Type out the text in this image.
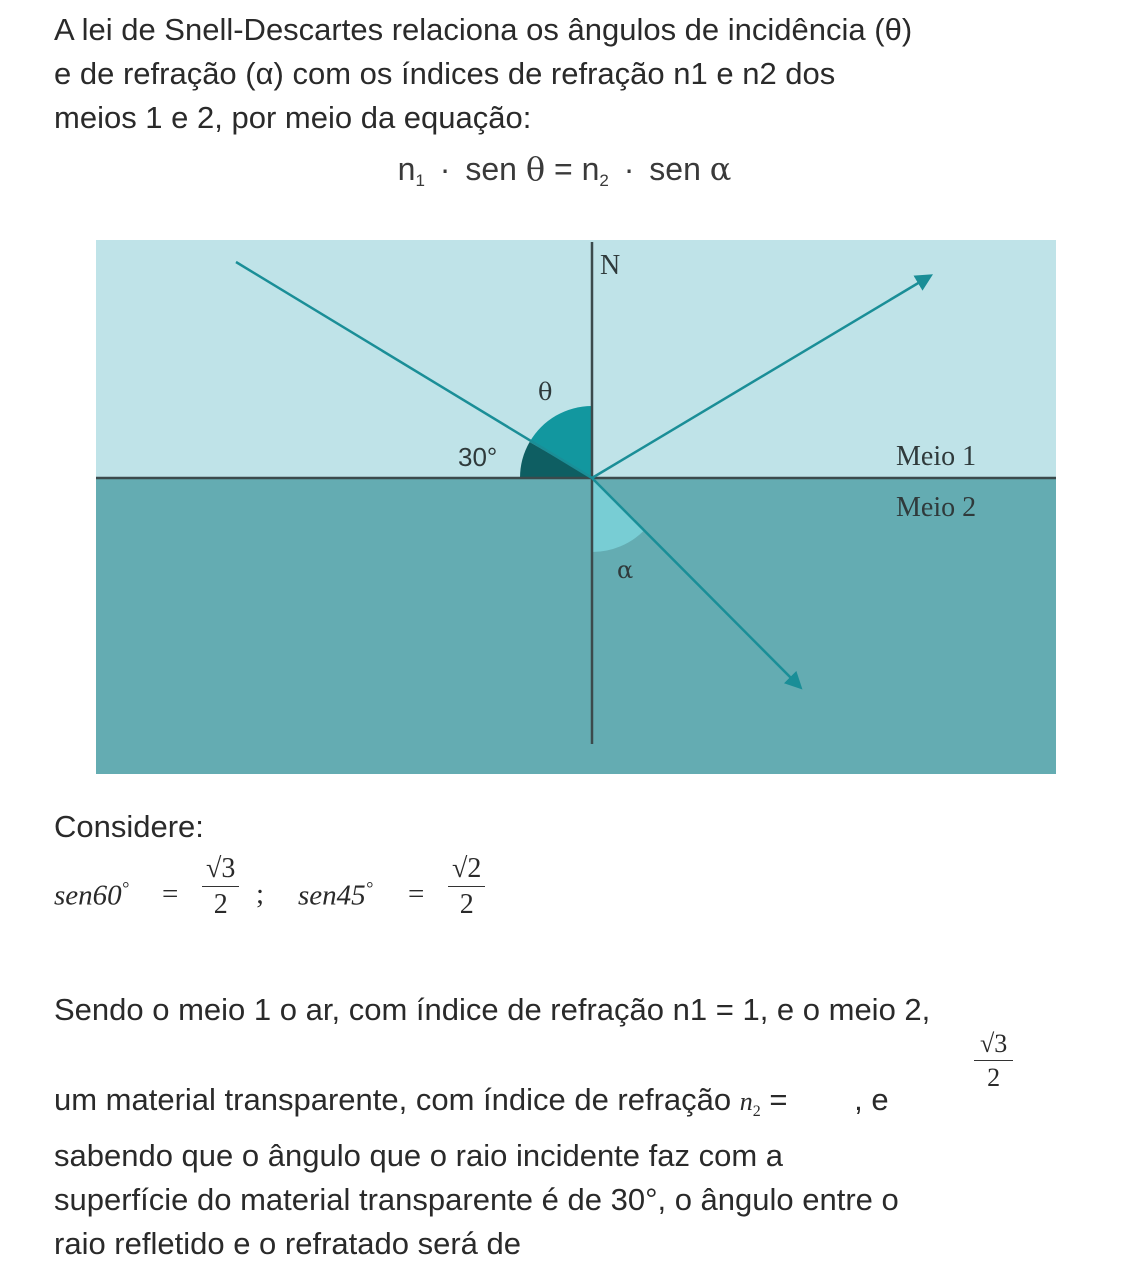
A lei de Snell-Descartes relaciona os ângulos de incidência (θ)
e de refração (α) com os índices de refração n1 e n2 dos
meios 1 e 2, por meio da equação:
$n_1$ · sen $\theta = n_2$ · sen α
N
θ
30°
α
Meio 1
Meio 2
Considere:
$sen60^\circ = \frac{√3}{2}$ ; $sen45^\circ = \frac{√2}{2}$
Sendo o meio 1 o ar, com índice de refração n1 = 1, e o meio 2,
um material transparente, com índice de refração $n_2$ = , e
$\frac{√3}{2}$
sabendo que o ângulo que o raio incidente faz com a
superfície do material transparente é de 30°, o ângulo entre o
raio refletido e o refratado será de
